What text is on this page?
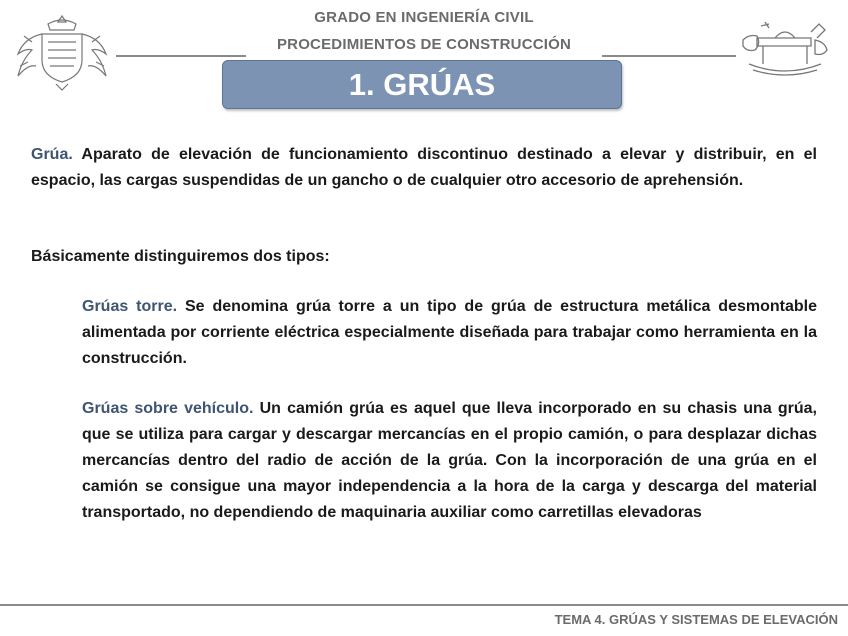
GRADO EN INGENIERÍA CIVIL
PROCEDIMIENTOS DE CONSTRUCCIÓN
1. GRÚAS
Grúa. Aparato de elevación de funcionamiento discontinuo destinado a elevar y distribuir, en el espacio, las cargas suspendidas de un gancho o de cualquier otro accesorio de aprehensión.
Básicamente distinguiremos dos tipos:
Grúas torre. Se denomina grúa torre a un tipo de grúa de estructura metálica desmontable alimentada por corriente eléctrica especialmente diseñada para trabajar como herramienta en la construcción.
Grúas sobre vehículo. Un camión grúa es aquel que lleva incorporado en su chasis una grúa, que se utiliza para cargar y descargar mercancías en el propio camión, o para desplazar dichas mercancías dentro del radio de acción de la grúa. Con la incorporación de una grúa en el camión se consigue una mayor independencia a la hora de la carga y descarga del material transportado, no dependiendo de maquinaria auxiliar como carretillas elevadoras
TEMA 4. GRÚAS Y SISTEMAS DE ELEVACIÓN
